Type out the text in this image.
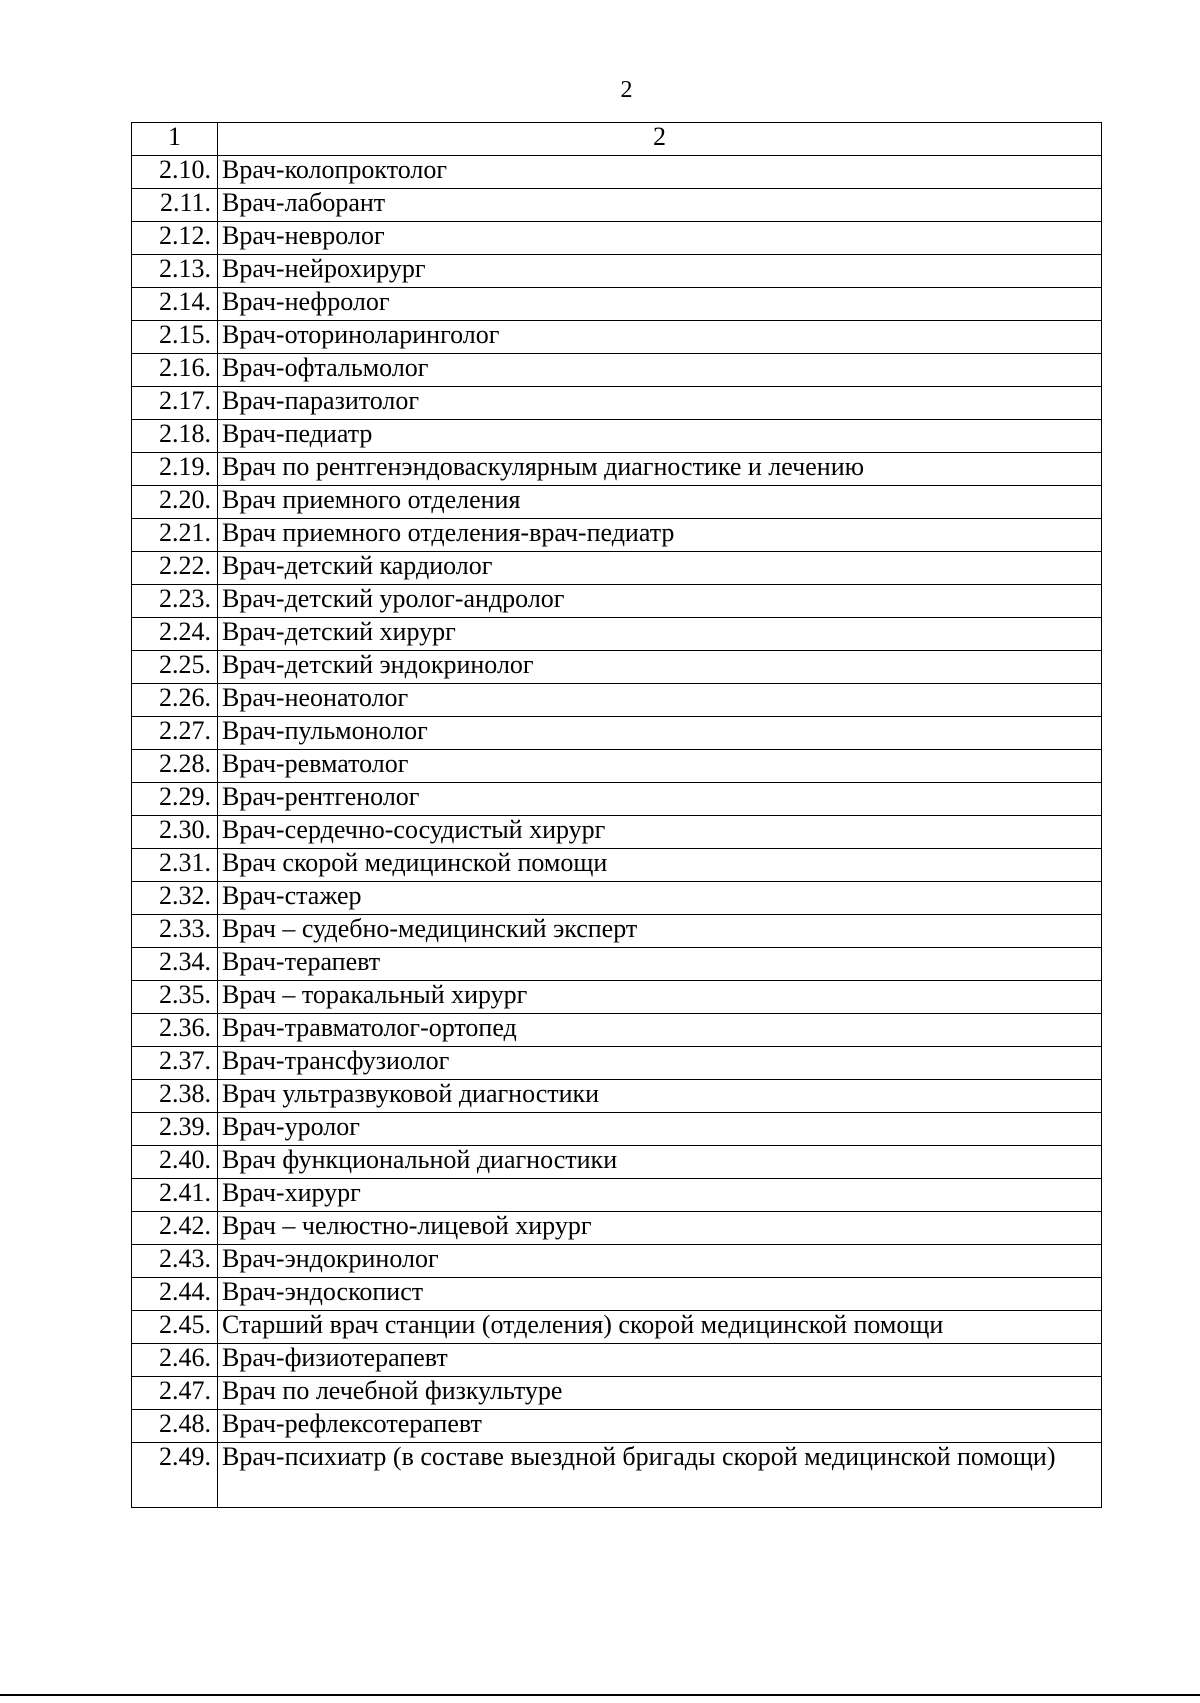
2
1	2
2.10.	Врач-колопроктолог
2.11.	Врач-лаборант
2.12.	Врач-невролог
2.13.	Врач-нейрохирург
2.14.	Врач-нефролог
2.15.	Врач-оториноларинголог
2.16.	Врач-офтальмолог
2.17.	Врач-паразитолог
2.18.	Врач-педиатр
2.19.	Врач по рентгенэндоваскулярным диагностике и лечению
2.20.	Врач приемного отделения
2.21.	Врач приемного отделения-врач-педиатр
2.22.	Врач-детский кардиолог
2.23.	Врач-детский уролог-андролог
2.24.	Врач-детский хирург
2.25.	Врач-детский эндокринолог
2.26.	Врач-неонатолог
2.27.	Врач-пульмонолог
2.28.	Врач-ревматолог
2.29.	Врач-рентгенолог
2.30.	Врач-сердечно-сосудистый хирург
2.31.	Врач скорой медицинской помощи
2.32.	Врач-стажер
2.33.	Врач – судебно-медицинский эксперт
2.34.	Врач-терапевт
2.35.	Врач – торакальный хирург
2.36.	Врач-травматолог-ортопед
2.37.	Врач-трансфузиолог
2.38.	Врач ультразвуковой диагностики
2.39.	Врач-уролог
2.40.	Врач функциональной диагностики
2.41.	Врач-хирург
2.42.	Врач – челюстно-лицевой хирург
2.43.	Врач-эндокринолог
2.44.	Врач-эндоскопист
2.45.	Старший врач станции (отделения) скорой медицинской помощи
2.46.	Врач-физиотерапевт
2.47.	Врач по лечебной физкультуре
2.48.	Врач-рефлексотерапевт
2.49.	Врач-психиатр (в составе выездной бригады скорой медицинской помощи)
